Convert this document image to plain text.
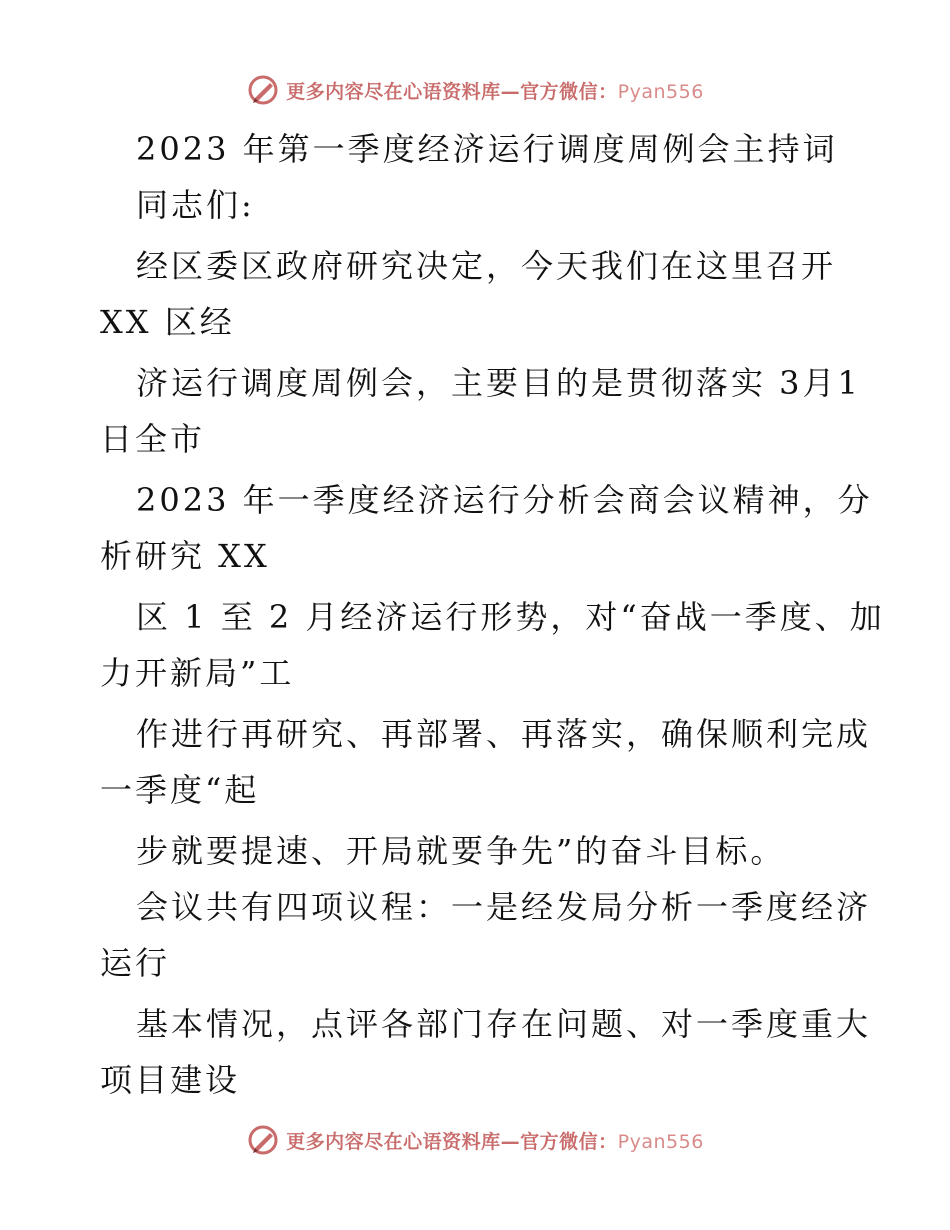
更多内容尽在心语资料库—官方微信：Pyan556
2023 年第一季度经济运行调度周例会主持词
同志们:
经区委区政府研究决定，今天我们在这里召开
XX 区经
济运行调度周例会，主要目的是贯彻落实 3月1
日全市
2023 年一季度经济运行分析会商会议精神，分
析研究 XX
区 1 至 2 月经济运行形势，对“奋战一季度、加
力开新局”工
作进行再研究、再部署、再落实，确保顺利完成
一季度“起
步就要提速、开局就要争先”的奋斗目标。
会议共有四项议程：一是经发局分析一季度经济
运行
基本情况，点评各部门存在问题、对一季度重大
项目建设
更多内容尽在心语资料库—官方微信：Pyan556
